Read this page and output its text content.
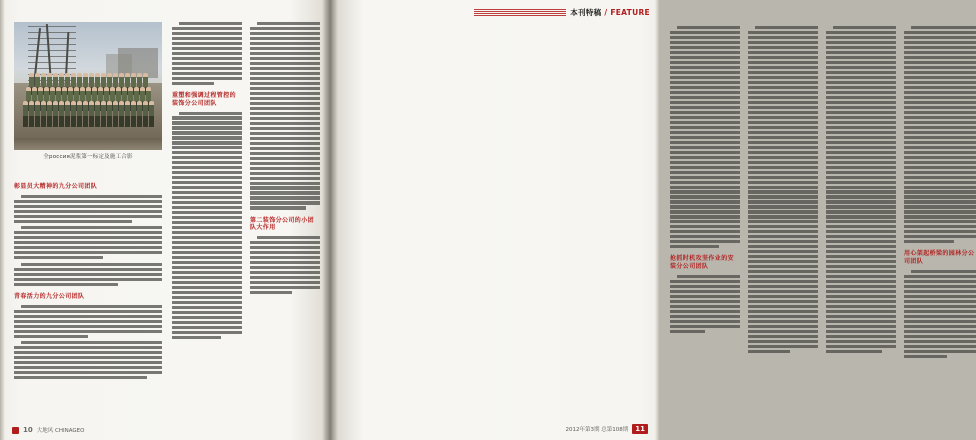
全россия泥浆第一标定及施工合影
彰显员大精神的九分公司团队
青春活力的九分公司团队
重塑和强调过程管控的装饰分公司团队
第二装饰分公司的小团队大作用
10 大地风 CHINAGEO
本刊特稿 / FEATURE
抢抓时机攻坚作业的安装分公司团队
用心架起桥梁的园林分公司团队
2012年第3期 总第108期	11
